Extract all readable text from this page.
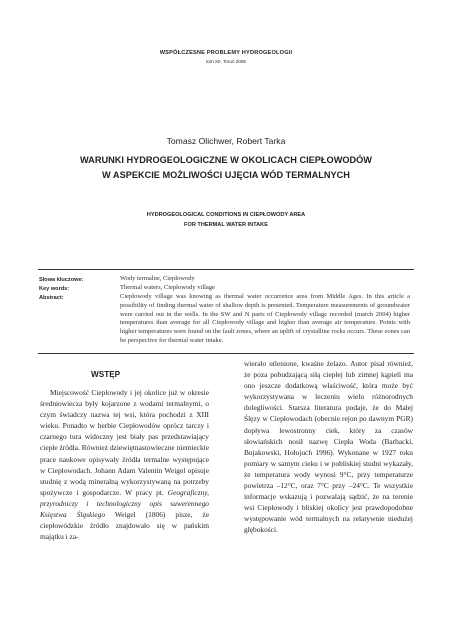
WSPÓŁCZESNE PROBLEMY HYDROGEOLOGII
tom XII, Toruń 2005
Tomasz Olichwer, Robert Tarka
WARUNKI HYDROGEOLOGICZNE W OKOLICACH CIEPŁOWODÓW
W ASPEKCIE MOŻLIWOŚCI UJĘCIA WÓD TERMALNYCH
HYDROGEOLOGICAL CONDITIONS IN CIEPŁOWODY AREA
FOR THERMAL WATER INTAKE
Słowa kluczowe:	Wody termalne, Ciepłowody
Key words:	Thermal waters, Ciepłowody village
Abstract:	Ciepłowody village was knowing as thermal water occurrence area from Middle Ages. In this article a possibility of finding thermal water of shallow depth is presented. Temperature measurements of groundwater were carried out in the wells. In the SW and N parts of Ciepłowody village recorded (march 2004) higher temperatures than average for all Ciepłowody village and higher than average air temperature. Points with higher temperatures were found on the fault zones, where an uplift of crystalline rocks occurs. These zones can be perspective for thermal water intake.
WSTĘP

Miejscowość Ciepłowody i jej okolice już w okresie średniowiecza były kojarzone z wodami termalnymi, o czym świadczy nazwa tej wsi, która pochodzi z XIII wieku. Ponadto w herbie Ciepłowodów oprócz tarczy i czarnego turа widoczny jest biały pas przedstawiający ciepłe źródła. Również dziewiętnastowieczne niemieckie prace naukowe opisywały źródła termalne występujące w Ciepłowodach. Johann Adam Valentin Weigel opisuje studnię z wodą mineralną wykorzystywaną na potrzeby spożywcze i gospodarcze. W pracy pt. Geograficzny, przyrodniczy i technologiczny opis suwerennego Księstwa Śląskiego Weigel (1806) pisze, że ciepłowódzkie źródło znajdowało się w pańskim majątku i za-

wierało utlenione, kwaśne żelazo. Autor pisał również, że poza pobudzającą siłą ciepłej lub zimnej kąpieli ma ono jeszcze dodatkową właściwość, która może być wykorzystywana w leczeniu wielu różnorodnych dolegliwości. Starsza literatura podaje, że do Małej Ślęzy w Ciepłowodach (obecnie rejon po dawnym PGR) dopływa lewostronny ciek, który za czasów słowiańskich nosił nazwę Ciepła Woda (Barbacki, Bujakowski, Hołojuch 1996). Wykonane w 1927 roku pomiary w samym cieku i w pobliskiej studni wykazały, że temperatura wody wynosi 9°C, przy temperaturze powietrza –12°C, oraz 7°C przy –24°C. Te wszystkie informacje wskazują i pozwalają sądzić, że na terenie wsi Ciepłowody i bliskiej okolicy jest prawdopodobne występowanie wód termalnych na relatywnie niedużej głębokości.
